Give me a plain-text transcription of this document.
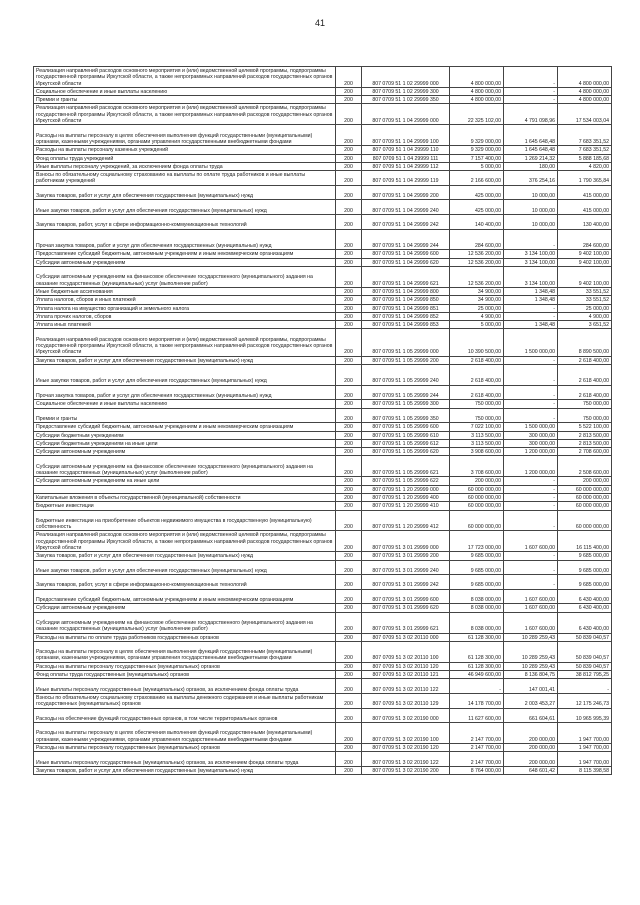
41
Реализация направлений расходов основного мероприятия и (или) ведомственной целевой программы, подпрограммы государственной программы Иркутской области, а также непрограммных направлений расходов государственных органов Иркутской области	200	807 0709 51 1 02 29999 000	4 800 000,00	-	4 800 000,00
Социальное обеспечение и иные выплаты населению	200	807 0709 51 1 02 29999 300	4 800 000,00	-	4 800 000,00
Премии и гранты	200	807 0709 51 1 02 29999 350	4 800 000,00	-	4 800 000,00
Реализация направлений расходов основного мероприятия и (или) ведомственной целевой программы, подпрограммы государственной программы Иркутской области, а также непрограммных направлений расходов государственных органов Иркутской области	200	807 0709 51 1 04 29999 000	22 325 102,00	4 791 098,96	17 534 003,04
Расходы на выплаты персоналу в целях обеспечения выполнения функций государственными (муниципальными) органами, казенными учреждениями, органами управления государственными внебюджетными фондами	200	807 0709 51 1 04 29999 100	9 329 000,00	1 645 648,48	7 683 351,52
Расходы на выплаты персоналу казенных учреждений	200	807 0709 51 1 04 29999 110	9 329 000,00	1 645 648,48	7 683 351,52
Фонд оплаты труда учреждений	200	807 0709 51 1 04 29999 111	7 157 400,00	1 269 214,32	5 888 185,68
Иные выплаты персоналу учреждений, за исключением фонда оплаты труда	200	807 0709 51 1 04 29999 112	5 000,00	180,00	4 820,00
Взносы по обязательному социальному страхованию на выплаты по оплате труда работников и иные выплаты работникам учреждений	200	807 0709 51 1 04 29999 119	2 166 600,00	376 254,16	1 790 365,84
Закупка товаров, работ и услуг для обеспечения государственных (муниципальных) нужд	200	807 0709 51 1 04 29999 200	425 000,00	10 000,00	415 000,00
Иные закупки товаров, работ и услуг для обеспечения государственных (муниципальных) нужд	200	807 0709 51 1 04 29999 240	425 000,00	10 000,00	415 000,00
Закупка товаров, работ, услуг в сфере информационно-коммуникационных технологий	200	807 0709 51 1 04 29999 242	140 400,00	10 000,00	130 400,00
Прочая закупка товаров, работ и услуг для обеспечения государственных (муниципальных) нужд	200	807 0709 51 1 04 29999 244	284 600,00	-	284 600,00
Предоставление субсидий бюджетным, автономным учреждениям и иным некоммерческим организациям	200	807 0709 51 1 04 29999 600	12 536 200,00	3 134 100,00	9 402 100,00
Субсидии автономным учреждениям	200	807 0709 51 1 04 29999 620	12 536 200,00	3 134 100,00	9 402 100,00
Субсидии автономным учреждениям на финансовое обеспечение государственного (муниципального) задания на оказание государственных (муниципальных) услуг (выполнение работ)	200	807 0709 51 1 04 29999 621	12 536 200,00	3 134 100,00	9 402 100,00
Иные бюджетные ассигнования	200	807 0709 51 1 04 29999 800	34 900,00	1 348,48	33 551,52
Уплата налогов, сборов и иных платежей	200	807 0709 51 1 04 29999 850	34 900,00	1 348,48	33 551,52
Уплата налога на имущество организаций и земельного налога	200	807 0709 51 1 04 29999 851	25 000,00	-	25 000,00
Уплата прочих налогов, сборов	200	807 0709 51 1 04 29999 852	4 900,00	-	4 900,00
Уплата иных платежей	200	807 0709 51 1 04 29999 853	5 000,00	1 348,48	3 651,52
Реализация направлений расходов основного мероприятия и (или) ведомственной целевой программы, подпрограммы государственной программы Иркутской области, а также непрограммных направлений расходов государственных органов Иркутской области	200	807 0709 51 1 05 29999 000	10 390 500,00	1 500 000,00	8 890 500,00
Закупка товаров, работ и услуг для обеспечения государственных (муниципальных) нужд	200	807 0709 51 1 05 29999 200	2 618 400,00	-	2 618 400,00
Иные закупки товаров, работ и услуг для обеспечения государственных (муниципальных) нужд	200	807 0709 51 1 05 29999 240	2 618 400,00	-	2 618 400,00
Прочая закупка товаров, работ и услуг для обеспечения государственных (муниципальных) нужд	200	807 0709 51 1 05 29999 244	2 618 400,00	-	2 618 400,00
Социальное обеспечение и иные выплаты населению	200	807 0709 51 1 05 29999 300	750 000,00	-	750 000,00
Премии и гранты	200	807 0709 51 1 05 29999 350	750 000,00	-	750 000,00
Предоставление субсидий бюджетным, автономным учреждениям и иным некоммерческим организациям	200	807 0709 51 1 05 29999 600	7 022 100,00	1 500 000,00	5 522 100,00
Субсидии бюджетным учреждениям	200	807 0709 51 1 05 29999 610	3 113 500,00	300 000,00	2 813 500,00
Субсидии бюджетным учреждениям на иные цели	200	807 0709 51 1 05 29999 612	3 113 500,00	300 000,00	2 813 500,00
Субсидии автономным учреждениям	200	807 0709 51 1 05 29999 620	3 908 600,00	1 200 000,00	2 708 600,00
Субсидии автономным учреждениям на финансовое обеспечение государственного (муниципального) задания на оказание государственных (муниципальных) услуг (выполнение работ)	200	807 0709 51 1 05 29999 621	3 708 600,00	1 200 000,00	2 508 600,00
Субсидии автономным учреждениям на иные цели	200	807 0709 51 1 05 29999 622	200 000,00	-	200 000,00
	200	807 0709 51 1 20 29999 000	60 000 000,00	-	60 000 000,00
Капитальные вложения в объекты государственной (муниципальной) собственности	200	807 0709 51 1 20 29999 400	60 000 000,00	-	60 000 000,00
Бюджетные инвестиции	200	807 0709 51 1 20 29999 410	60 000 000,00	-	60 000 000,00
Бюджетные инвестиции на приобретение объектов недвижимого имущества в государственную (муниципальную) собственность	200	807 0709 51 1 20 29999 412	60 000 000,00	-	60 000 000,00
Реализация направлений расходов основного мероприятия и (или) ведомственной целевой программы, подпрограммы государственной программы Иркутской области, а также непрограммных направлений расходов государственных органов Иркутской области	200	807 0709 51 3 01 29999 000	17 723 000,00	1 607 600,00	16 115 400,00
Закупка товаров, работ и услуг для обеспечения государственных (муниципальных) нужд	200	807 0709 51 3 01 29999 200	9 685 000,00	-	9 685 000,00
Иные закупки товаров, работ и услуг для обеспечения государственных (муниципальных) нужд	200	807 0709 51 3 01 29999 240	9 685 000,00	-	9 685 000,00
Закупка товаров, работ, услуг в сфере информационно-коммуникационных технологий	200	807 0709 51 3 01 29999 242	9 685 000,00	-	9 685 000,00
Предоставление субсидий бюджетным, автономным учреждениям и иным некоммерческим организациям	200	807 0709 51 3 01 29999 600	8 038 000,00	1 607 600,00	6 430 400,00
Субсидии автономным учреждениям	200	807 0709 51 3 01 29999 620	8 038 000,00	1 607 600,00	6 430 400,00
Субсидии автономным учреждениям на финансовое обеспечение государственного (муниципального) задания на оказание государственных (муниципальных) услуг (выполнение работ)	200	807 0709 51 3 01 29999 621	8 038 000,00	1 607 600,00	6 430 400,00
Расходы на выплаты по оплате труда работников государственных органов	200	807 0709 51 3 02 20110 000	61 128 300,00	10 289 259,43	50 839 040,57
Расходы на выплаты персоналу в целях обеспечения выполнения функций государственными (муниципальными) органами, казенными учреждениями, органами управления государственными внебюджетными фондами	200	807 0709 51 3 02 20110 100	61 128 300,00	10 289 259,43	50 839 040,57
Расходы на выплаты персоналу государственных (муниципальных) органов	200	807 0709 51 3 02 20110 120	61 128 300,00	10 289 259,43	50 839 040,57
Фонд оплаты труда государственных (муниципальных) органов	200	807 0709 51 3 02 20110 121	46 949 600,00	8 136 804,75	38 812 795,25
Иные выплаты персоналу государственных (муниципальных) органов, за исключением фонда оплаты труда	200	807 0709 51 3 02 20110 122	-	147 001,41	-
Взносы по обязательному социальному страхованию на выплаты денежного содержания и иные выплаты работникам государственных (муниципальных) органов	200	807 0709 51 3 02 20110 129	14 178 700,00	2 003 453,27	12 175 246,73
Расходы на обеспечение функций государственных органов, в том числе территориальных органов	200	807 0709 51 3 02 20190 000	11 627 600,00	661 604,61	10 965 995,39
Расходы на выплаты персоналу в целях обеспечения выполнения функций государственными (муниципальными) органами, казенными учреждениями, органами управления государственными внебюджетными фондами	200	807 0709 51 3 02 20190 100	2 147 700,00	200 000,00	1 947 700,00
Расходы на выплаты персоналу государственных (муниципальных) органов	200	807 0709 51 3 02 20190 120	2 147 700,00	200 000,00	1 947 700,00
Иные выплаты персоналу государственных (муниципальных) органов, за исключением фонда оплаты труда	200	807 0709 51 3 02 20190 122	2 147 700,00	200 000,00	1 947 700,00
Закупка товаров, работ и услуг для обеспечения государственных (муниципальных) нужд	200	807 0709 51 3 02 20190 200	8 764 000,00	648 601,42	8 115 398,58
